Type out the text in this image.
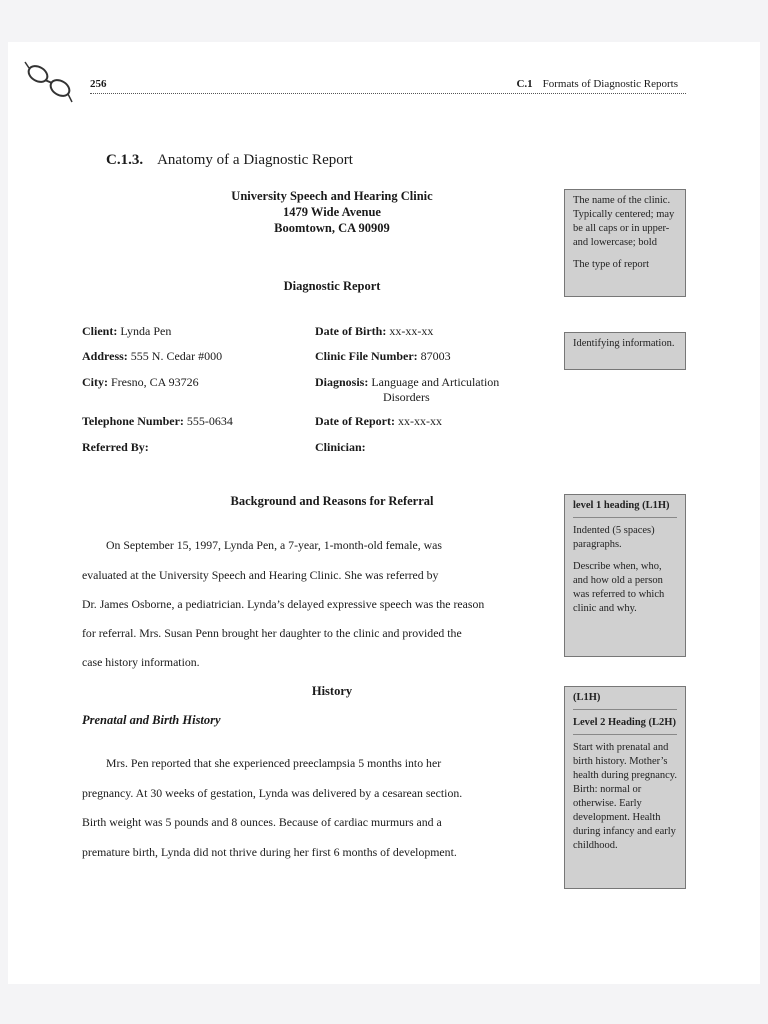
256	C.1 Formats of Diagnostic Reports
C.1.3. Anatomy of a Diagnostic Report
University Speech and Hearing Clinic
1479 Wide Avenue
Boomtown, CA 90909
Diagnostic Report
Client: Lynda Pen	Date of Birth: xx-xx-xx
Address: 555 N. Cedar #000	Clinic File Number: 87003
City: Fresno, CA 93726	Diagnosis: Language and Articulation
Disorders
Telephone Number: 555-0634	Date of Report: xx-xx-xx
Referred By:	Clinician:
Background and Reasons for Referral
On September 15, 1997, Lynda Pen, a 7-year, 1-month-old female, was
evaluated at the University Speech and Hearing Clinic. She was referred by
Dr. James Osborne, a pediatrician. Lynda’s delayed expressive speech was the reason
for referral. Mrs. Susan Penn brought her daughter to the clinic and provided the
case history information.
History
Prenatal and Birth History
Mrs. Pen reported that she experienced preeclampsia 5 months into her
pregnancy. At 30 weeks of gestation, Lynda was delivered by a cesarean section.
Birth weight was 5 pounds and 8 ounces. Because of cardiac murmurs and a
premature birth, Lynda did not thrive during her first 6 months of development.

The name of the clinic. Typically centered; may be all caps or in upper- and lowercase; bold

The type of report

Identifying information.

level 1 heading (L1H)

Indented (5 spaces) paragraphs.

Describe when, who, and how old a person was referred to which clinic and why.

(L1H)

Level 2 Heading (L2H)

Start with prenatal and birth history. Mother’s health during pregnancy. Birth: normal or otherwise. Early development. Health during infancy and early childhood.
